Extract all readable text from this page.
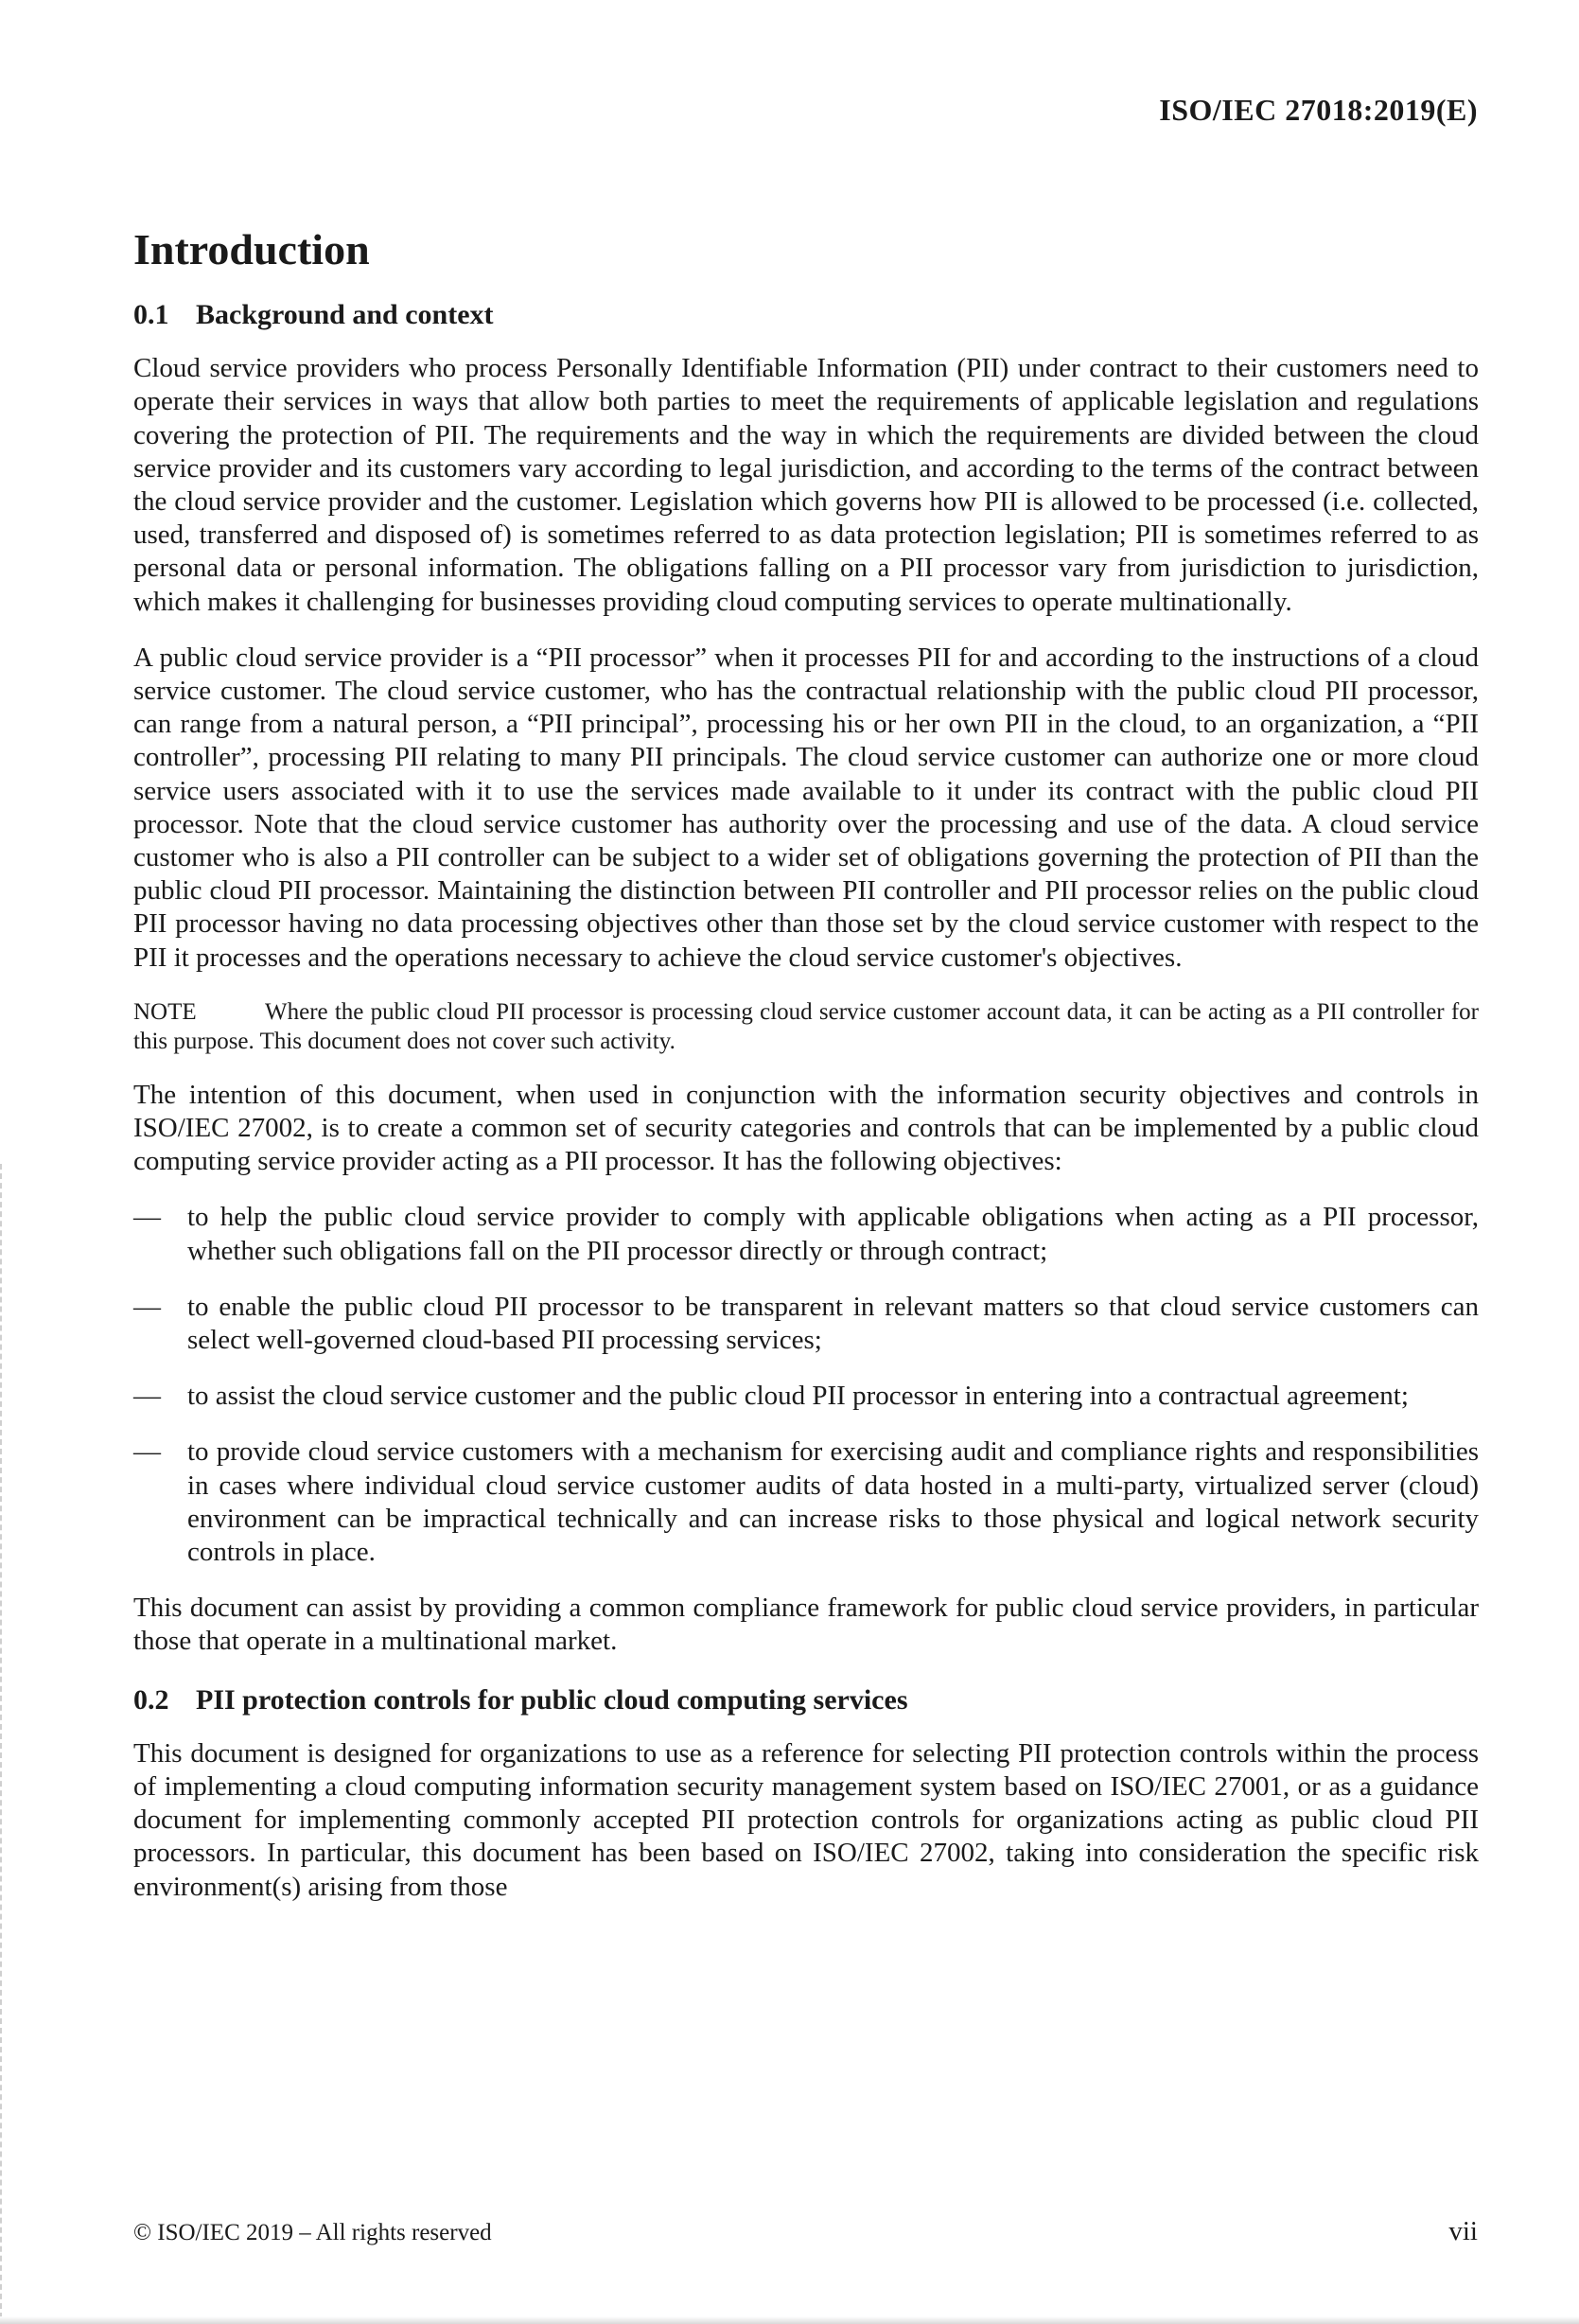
ISO/IEC 27018:2019(E)
Introduction
0.1 Background and context

Cloud service providers who process Personally Identifiable Information (PII) under contract to their customers need to operate their services in ways that allow both parties to meet the requirements of applicable legislation and regulations covering the protection of PII. The requirements and the way in which the requirements are divided between the cloud service provider and its customers vary according to legal jurisdiction, and according to the terms of the contract between the cloud service provider and the customer. Legislation which governs how PII is allowed to be processed (i.e. collected, used, transferred and disposed of) is sometimes referred to as data protection legislation; PII is sometimes referred to as personal data or personal information. The obligations falling on a PII processor vary from jurisdiction to jurisdiction, which makes it challenging for businesses providing cloud computing services to operate multinationally.

A public cloud service provider is a “PII processor” when it processes PII for and according to the instructions of a cloud service customer. The cloud service customer, who has the contractual relationship with the public cloud PII processor, can range from a natural person, a “PII principal”, processing his or her own PII in the cloud, to an organization, a “PII controller”, processing PII relating to many PII principals. The cloud service customer can authorize one or more cloud service users associated with it to use the services made available to it under its contract with the public cloud PII processor. Note that the cloud service customer has authority over the processing and use of the data. A cloud service customer who is also a PII controller can be subject to a wider set of obligations governing the protection of PII than the public cloud PII processor. Maintaining the distinction between PII controller and PII processor relies on the public cloud PII processor having no data processing objectives other than those set by the cloud service customer with respect to the PII it processes and the operations necessary to achieve the cloud service customer's objectives.

NOTE	Where the public cloud PII processor is processing cloud service customer account data, it can be acting as a PII controller for this purpose. This document does not cover such activity.

The intention of this document, when used in conjunction with the information security objectives and controls in ISO/IEC 27002, is to create a common set of security categories and controls that can be implemented by a public cloud computing service provider acting as a PII processor. It has the following objectives:

— to help the public cloud service provider to comply with applicable obligations when acting as a PII processor, whether such obligations fall on the PII processor directly or through contract;
— to enable the public cloud PII processor to be transparent in relevant matters so that cloud service customers can select well-governed cloud-based PII processing services;
— to assist the cloud service customer and the public cloud PII processor in entering into a contractual agreement;
— to provide cloud service customers with a mechanism for exercising audit and compliance rights and responsibilities in cases where individual cloud service customer audits of data hosted in a multi-party, virtualized server (cloud) environment can be impractical technically and can increase risks to those physical and logical network security controls in place.

This document can assist by providing a common compliance framework for public cloud service providers, in particular those that operate in a multinational market.

0.2 PII protection controls for public cloud computing services

This document is designed for organizations to use as a reference for selecting PII protection controls within the process of implementing a cloud computing information security management system based on ISO/IEC 27001, or as a guidance document for implementing commonly accepted PII protection controls for organizations acting as public cloud PII processors. In particular, this document has been based on ISO/IEC 27002, taking into consideration the specific risk environment(s) arising from those

© ISO/IEC 2019 – All rights reserved	vii
